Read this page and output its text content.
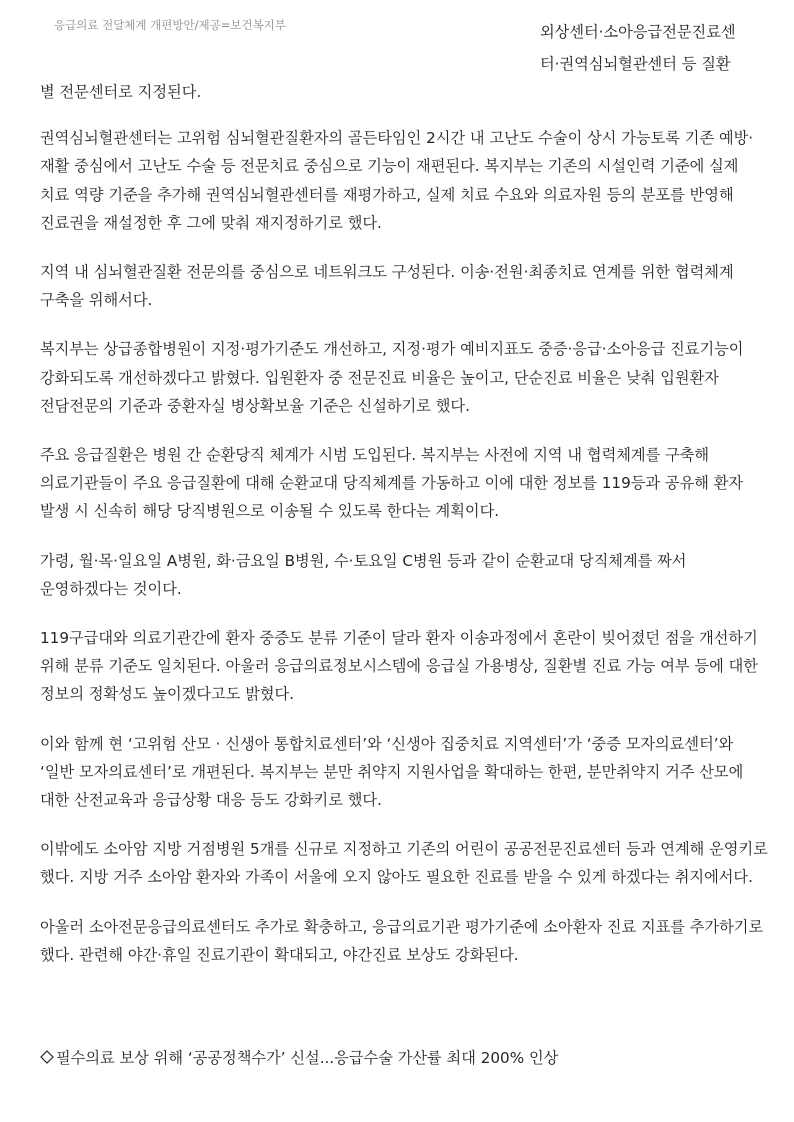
응급의료 전달체계 개편방안/제공=보건복지부	외상센터·소아응급전문진료센
터·권역심뇌혈관센터 등 질환

별 전문센터로 지정된다.

권역심뇌혈관센터는 고위험 심뇌혈관질환자의 골든타임인 2시간 내 고난도 수술이 상시 가능토록 기존 예방·재활 중심에서 고난도 수술 등 전문치료 중심으로 기능이 재편된다. 복지부는 기존의 시설인력 기준에 실제 치료 역량 기준을 추가해 권역심뇌혈관센터를 재평가하고, 실제 치료 수요와 의료자원 등의 분포를 반영해 진료권을 재설정한 후 그에 맞춰 재지정하기로 했다.

지역 내 심뇌혈관질환 전문의를 중심으로 네트워크도 구성된다. 이송·전원·최종치료 연계를 위한 협력체계 구축을 위해서다.

복지부는 상급종합병원이 지정·평가기준도 개선하고, 지정·평가 예비지표도 중증·응급·소아응급 진료기능이 강화되도록 개선하겠다고 밝혔다. 입원환자 중 전문진료 비율은 높이고, 단순진료 비율은 낮춰 입원환자 전담전문의 기준과 중환자실 병상확보율 기준은 신설하기로 했다.

주요 응급질환은 병원 간 순환당직 체계가 시범 도입된다. 복지부는 사전에 지역 내 협력체계를 구축해 의료기관들이 주요 응급질환에 대해 순환교대 당직체계를 가동하고 이에 대한 정보를 119등과 공유해 환자 발생 시 신속히 해당 당직병원으로 이송될 수 있도록 한다는 계획이다.

가령, 월·목·일요일 A병원, 화·금요일 B병원, 수·토요일 C병원 등과 같이 순환교대 당직체계를 짜서 운영하겠다는 것이다.

119구급대와 의료기관간에 환자 중증도 분류 기준이 달라 환자 이송과정에서 혼란이 빚어졌던 점을 개선하기 위해 분류 기준도 일치된다. 아울러 응급의료정보시스템에 응급실 가용병상, 질환별 진료 가능 여부 등에 대한 정보의 정확성도 높이겠다고도 밝혔다.

이와 함께 현 ‘고위험 산모 · 신생아 통합치료센터’와 ‘신생아 집중치료 지역센터’가 ‘중증 모자의료센터’와 ‘일반 모자의료센터’로 개편된다. 복지부는 분만 취약지 지원사업을 확대하는 한편, 분만취약지 거주 산모에 대한 산전교육과 응급상황 대응 등도 강화키로 했다.

이밖에도 소아암 지방 거점병원 5개를 신규로 지정하고 기존의 어린이 공공전문진료센터 등과 연계해 운영키로 했다. 지방 거주 소아암 환자와 가족이 서울에 오지 않아도 필요한 진료를 받을 수 있게 하겠다는 취지에서다.

아울러 소아전문응급의료센터도 추가로 확충하고, 응급의료기관 평가기준에 소아환자 진료 지표를 추가하기로 했다. 관련해 야간·휴일 진료기관이 확대되고, 야간진료 보상도 강화된다.

필수의료 보상 위해 ‘공공정책수가’ 신설...응급수술 가산률 최대 200% 인상
